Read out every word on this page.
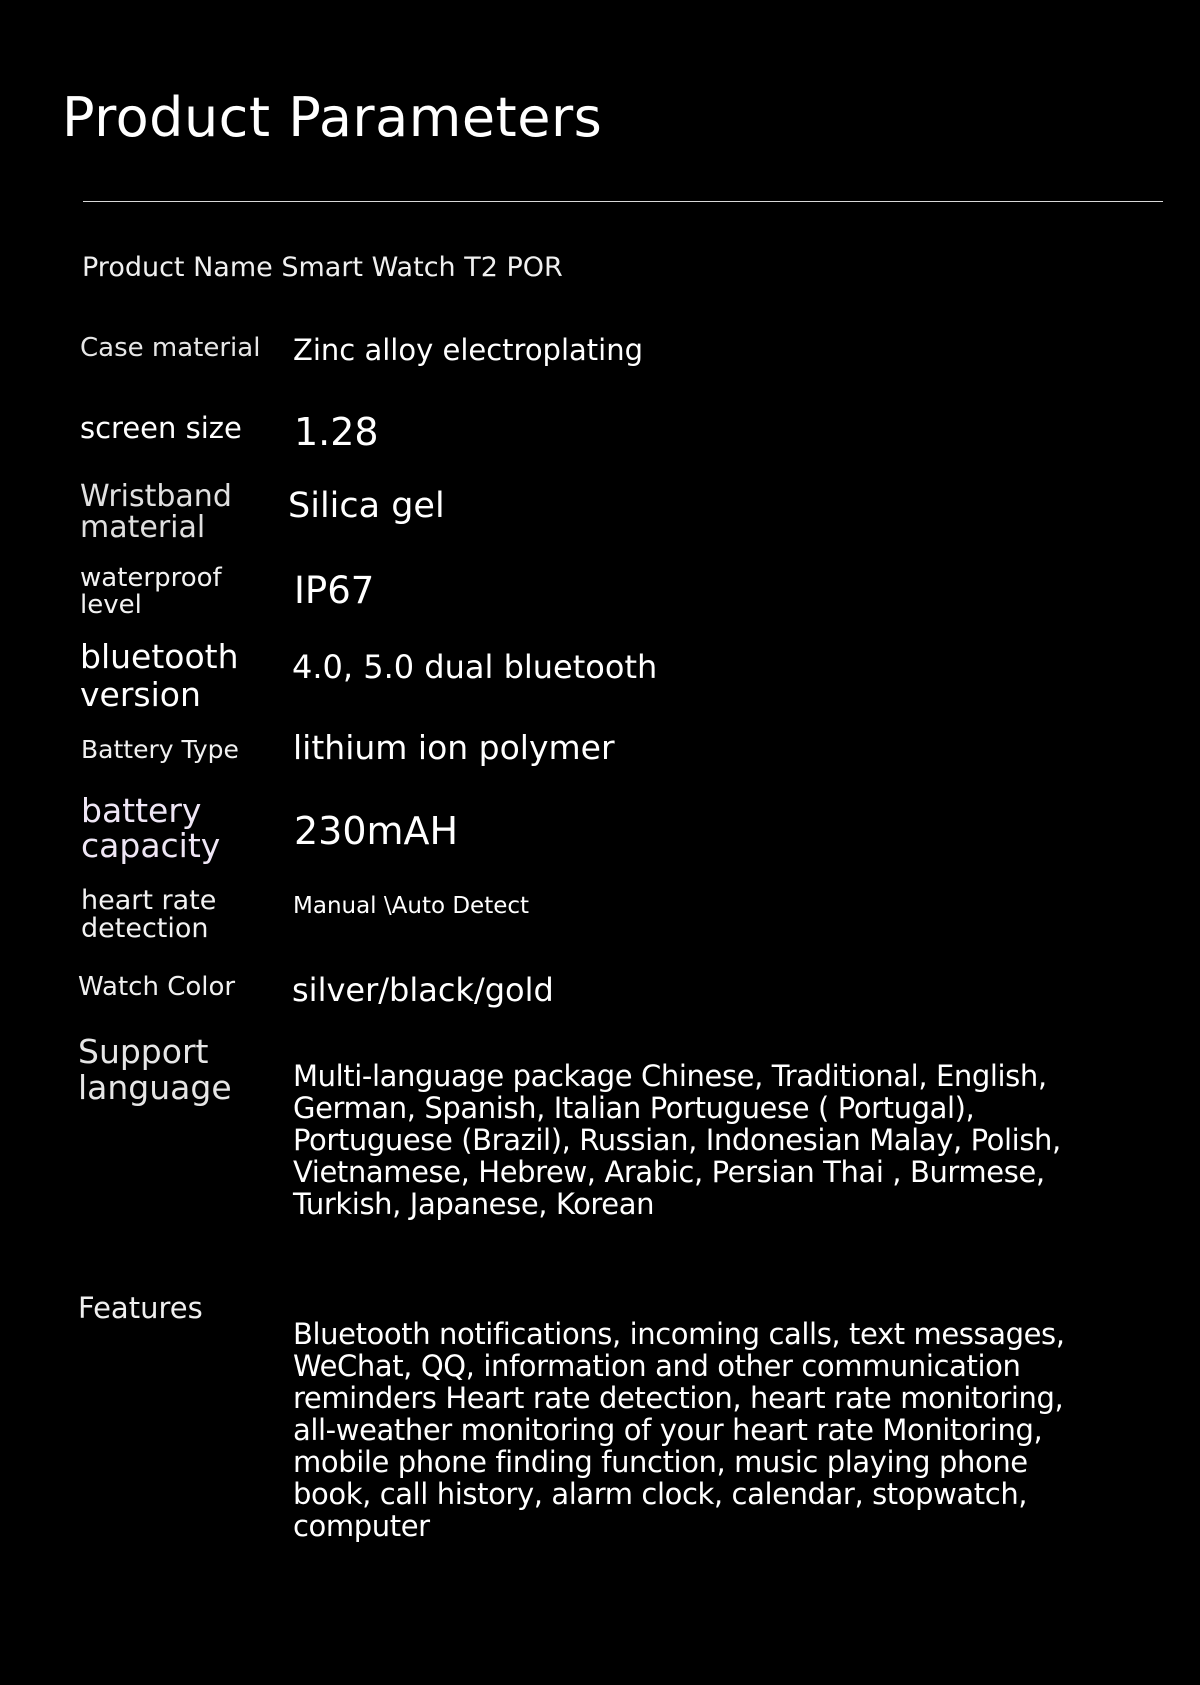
Product Parameters

Product Name Smart Watch T2 POR

Case material Zinc alloy electroplating

screen size 1.28

Wristband
material

Silica gel

waterproof
level	IP67

bluetooth
version

4.0, 5.0 dual bluetooth

Battery Type lithium ion polymer

battery
capacity 230mAH

heart rate
detection

Manual \Auto Detect

Watch Color silver/black/gold

Support
language Multi-language package Chinese, Traditional, English, German, Spanish, Italian Portuguese ( Portugal), Portuguese (Brazil), Russian, Indonesian Malay, Polish, Vietnamese, Hebrew, Arabic, Persian Thai , Burmese, Turkish, Japanese, Korean

Features

Bluetooth notifications, incoming calls, text messages, WeChat, QQ, information and other communication reminders Heart rate detection, heart rate monitoring, all-weather monitoring of your heart rate Monitoring, mobile phone finding function, music playing phone book, call history, alarm clock, calendar, stopwatch, computer
